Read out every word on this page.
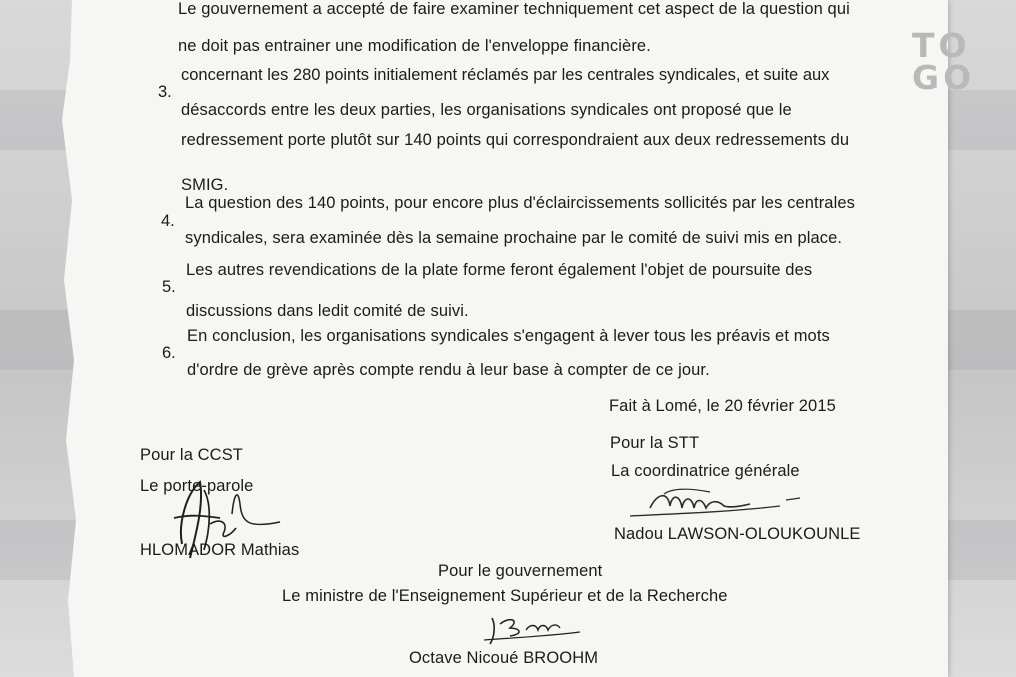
TO
GO
Le gouvernement a accepté de faire examiner techniquement cet aspect de la question qui
ne doit pas entrainer une modification de l'enveloppe financière.
3.
concernant les 280 points initialement réclamés par les centrales syndicales, et suite aux
désaccords entre les deux parties, les organisations syndicales ont proposé que le
redressement porte plutôt sur 140 points qui correspondraient aux deux redressements du
SMIG.
4.
La question des 140 points, pour encore plus d'éclaircissements sollicités par les centrales
syndicales, sera examinée dès la semaine prochaine par le comité de suivi mis en place.
5.
Les autres revendications de la plate forme feront également l'objet de poursuite des
discussions dans ledit comité de suivi.
6.
En conclusion, les organisations syndicales s'engagent à lever tous les préavis et mots
d'ordre de grève après compte rendu à leur base à compter de ce jour.
Fait à Lomé, le 20 février 2015
Pour la STT
La coordinatrice générale
Nadou LAWSON-OLOUKOUNLE
Pour la CCST
Le porte-parole
HLOMADOR Mathias
Pour le gouvernement
Le ministre de l'Enseignement Supérieur et de la Recherche
Octave Nicoué BROOHM
